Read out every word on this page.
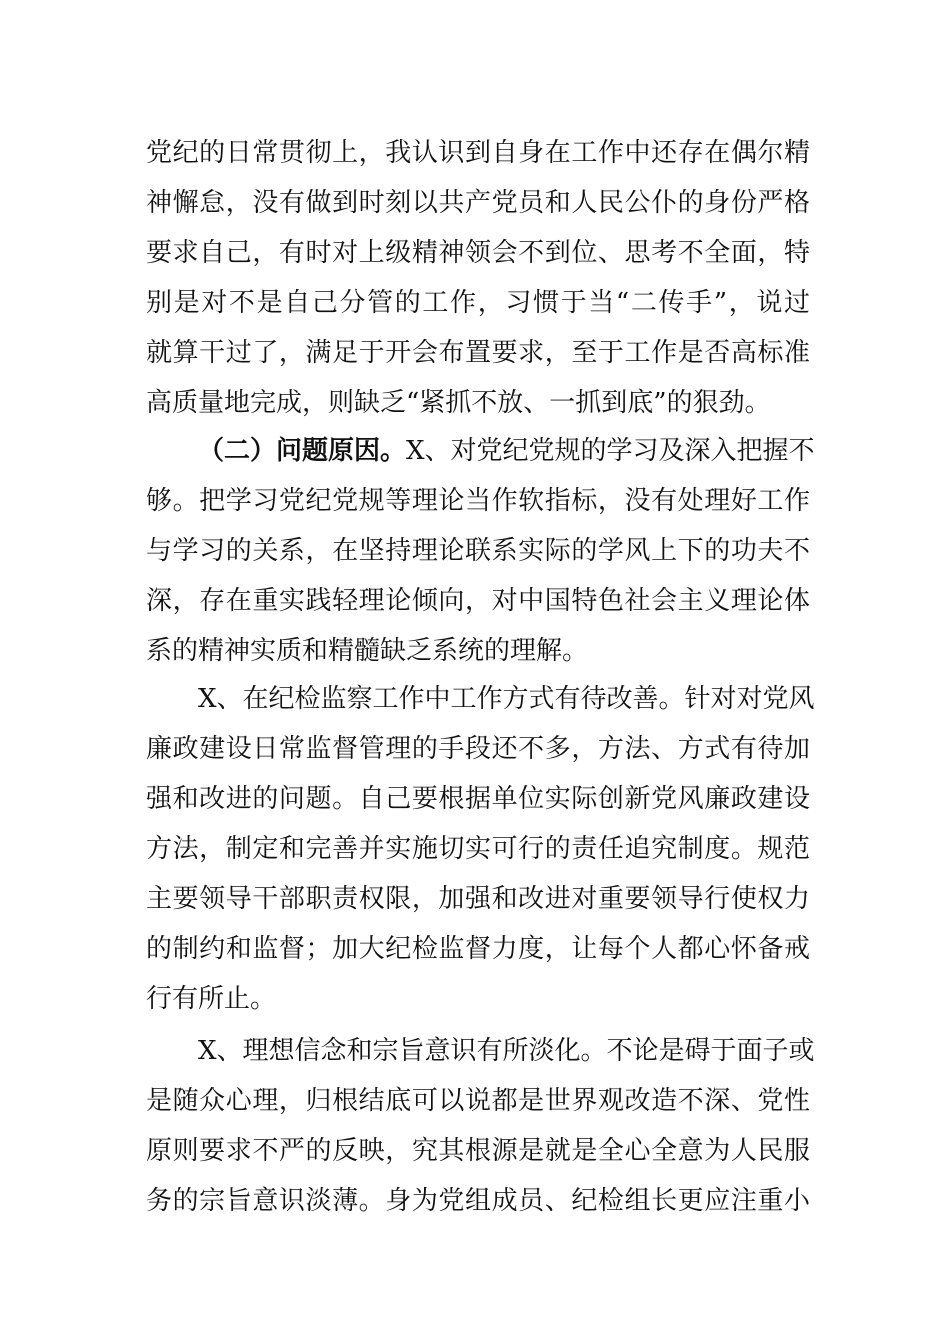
党纪的日常贯彻上，我认识到自身在工作中还存在偶尔精
神懈怠，没有做到时刻以共产党员和人民公仆的身份严格
要求自己，有时对上级精神领会不到位、思考不全面，特
别是对不是自己分管的工作，习惯于当“二传手”，说过
就算干过了，满足于开会布置要求，至于工作是否高标准
高质量地完成，则缺乏“紧抓不放、一抓到底”的狠劲。
（二）问题原因。X、对党纪党规的学习及深入把握不
够。把学习党纪党规等理论当作软指标，没有处理好工作
与学习的关系，在坚持理论联系实际的学风上下的功夫不
深，存在重实践轻理论倾向，对中国特色社会主义理论体
系的精神实质和精髓缺乏系统的理解。
X、在纪检监察工作中工作方式有待改善。针对对党风
廉政建设日常监督管理的手段还不多，方法、方式有待加
强和改进的问题。自己要根据单位实际创新党风廉政建设
方法，制定和完善并实施切实可行的责任追究制度。规范
主要领导干部职责权限，加强和改进对重要领导行使权力
的制约和监督；加大纪检监督力度，让每个人都心怀备戒
行有所止。
X、理想信念和宗旨意识有所淡化。不论是碍于面子或
是随众心理，归根结底可以说都是世界观改造不深、党性
原则要求不严的反映，究其根源是就是全心全意为人民服
务的宗旨意识淡薄。身为党组成员、纪检组长更应注重小
